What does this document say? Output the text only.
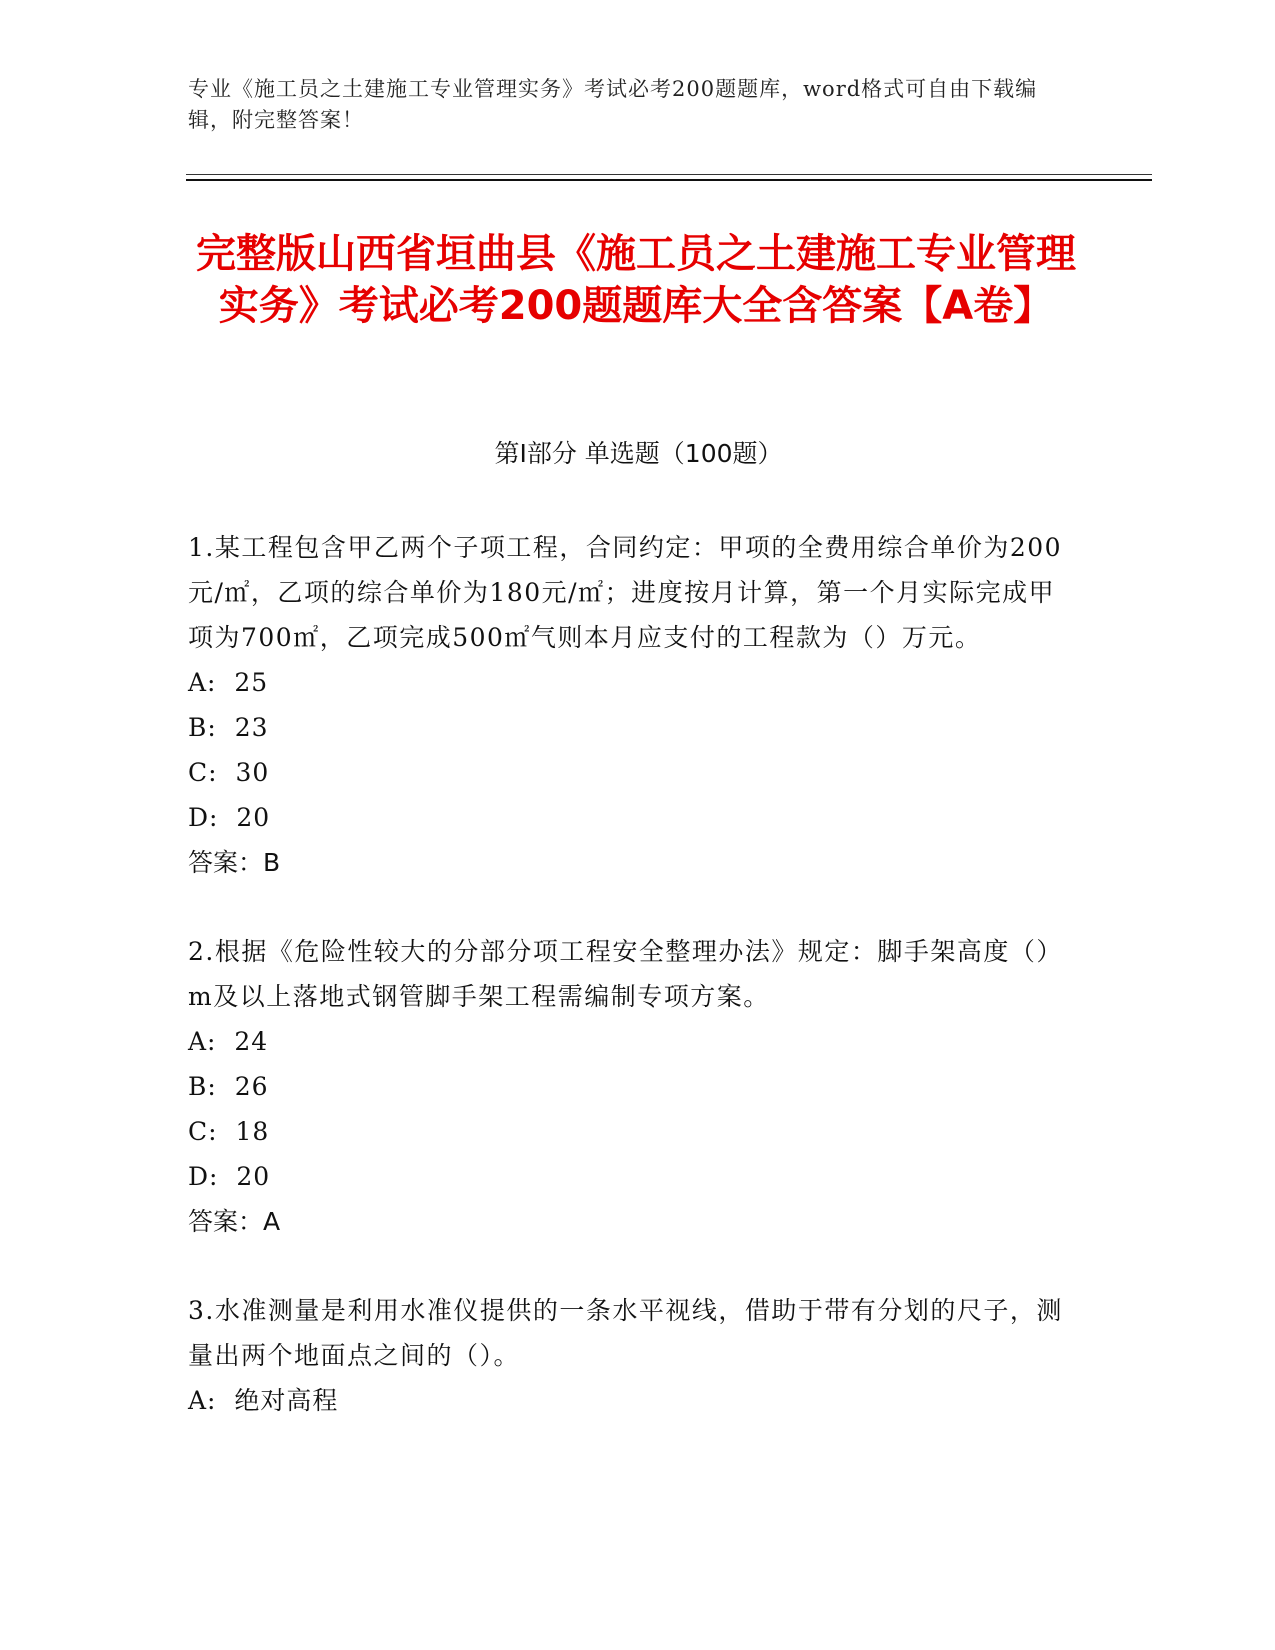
专业《施工员之土建施工专业管理实务》考试必考200题题库，word格式可自由下载编辑，附完整答案！
完整版山西省垣曲县《施工员之土建施工专业管理实务》考试必考200题题库大全含答案【A卷】
第Ⅰ部分 单选题（100题）
1.某工程包含甲乙两个子项工程，合同约定：甲项的全费用综合单价为200元/㎡，乙项的综合单价为180元/㎡；进度按月计算，第一个月实际完成甲项为700㎡，乙项完成500㎡气则本月应支付的工程款为（）万元。
A:  25
B:  23
C:  30
D:  20
答案：B
2.根据《危险性较大的分部分项工程安全整理办法》规定：脚手架高度（）m及以上落地式钢管脚手架工程需编制专项方案。
A:  24
B:  26
C:  18
D:  20
答案：A
3.水准测量是利用水准仪提供的一条水平视线，借助于带有分划的尺子，测量出两个地面点之间的（）。
A:  绝对高程
